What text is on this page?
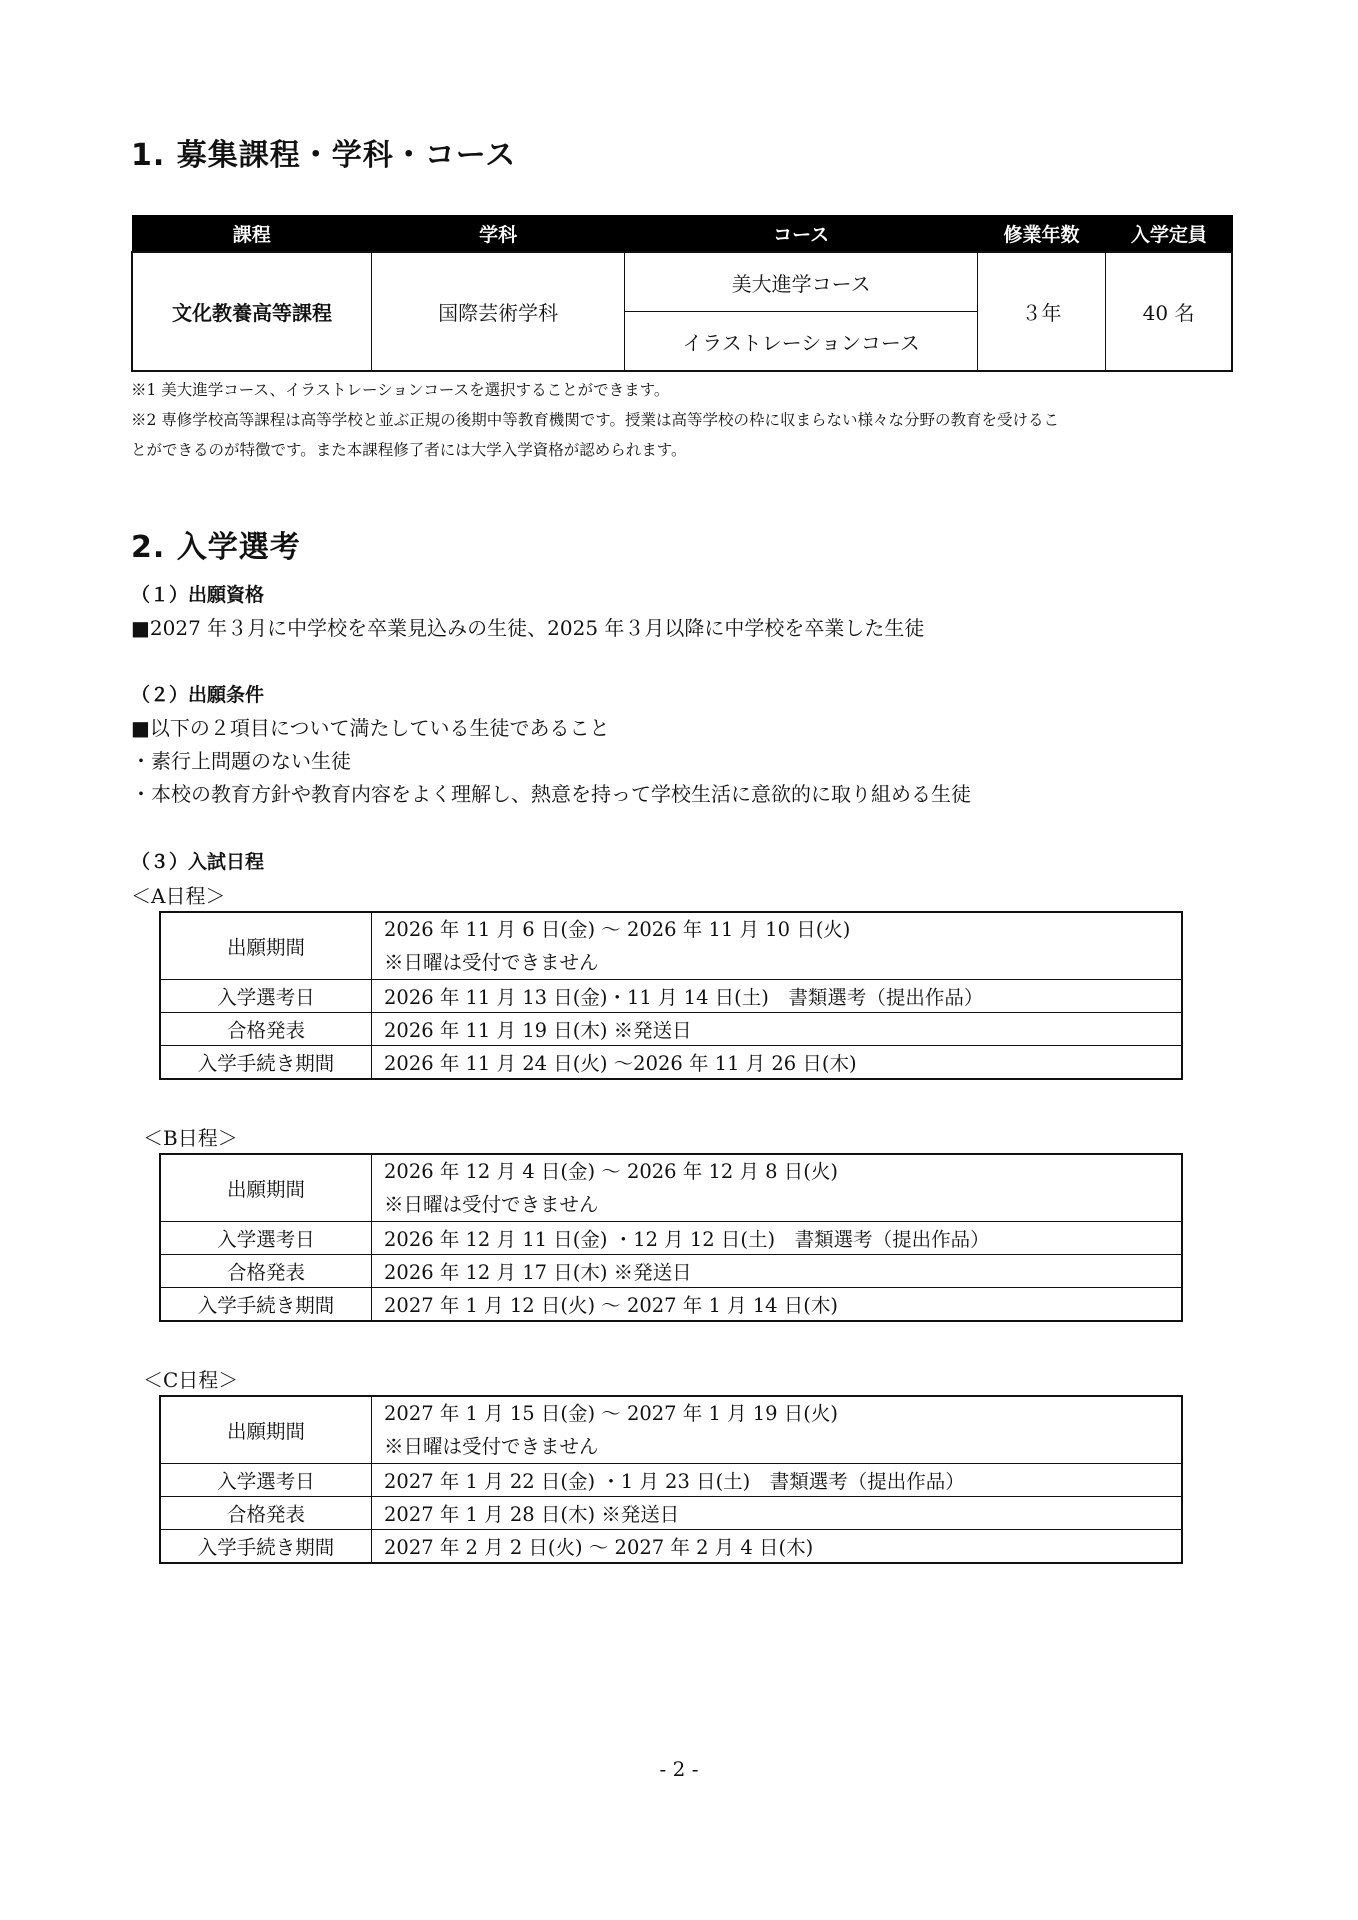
1. 募集課程・学科・コース
課程	学科	コース	修業年数	入学定員
文化教養高等課程	国際芸術学科	美大進学コース	３年	40 名
		イラストレーションコース		
※1 美大進学コース、イラストレーションコースを選択することができます。
※2 専修学校高等課程は高等学校と並ぶ正規の後期中等教育機関です。授業は高等学校の枠に収まらない様々な分野の教育を受けるこ
とができるのが特徴です。また本課程修了者には大学入学資格が認められます。
2. 入学選考
（１）出願資格
■2027 年３月に中学校を卒業見込みの生徒、2025 年３月以降に中学校を卒業した生徒
（２）出願条件
■以下の２項目について満たしている生徒であること
・素行上問題のない生徒
・本校の教育方針や教育内容をよく理解し、熱意を持って学校生活に意欲的に取り組める生徒
（３）入試日程
＜A日程＞
出願期間	2026 年 11 月 6 日(金) 〜 2026 年 11 月 10 日(火)
※日曜は受付できません

入学選考日	2026 年 11 月 13 日(金)・11 月 14 日(土)　書類選考（提出作品）
合格発表	2026 年 11 月 19 日(木) ※発送日
入学手続き期間	2026 年 11 月 24 日(火) 〜2026 年 11 月 26 日(木)
＜B日程＞
出願期間	2026 年 12 月 4 日(金) 〜 2026 年 12 月 8 日(火)
※日曜は受付できません

入学選考日	2026 年 12 月 11 日(金) ・12 月 12 日(土)　書類選考（提出作品）
合格発表	2026 年 12 月 17 日(木) ※発送日
入学手続き期間	2027 年 1 月 12 日(火) 〜 2027 年 1 月 14 日(木)
＜C日程＞
出願期間	2027 年 1 月 15 日(金) 〜 2027 年 1 月 19 日(火)
※日曜は受付できません

入学選考日	2027 年 1 月 22 日(金) ・1 月 23 日(土)　書類選考（提出作品）
合格発表	2027 年 1 月 28 日(木) ※発送日
入学手続き期間	2027 年 2 月 2 日(火) 〜 2027 年 2 月 4 日(木)
- 2 -
